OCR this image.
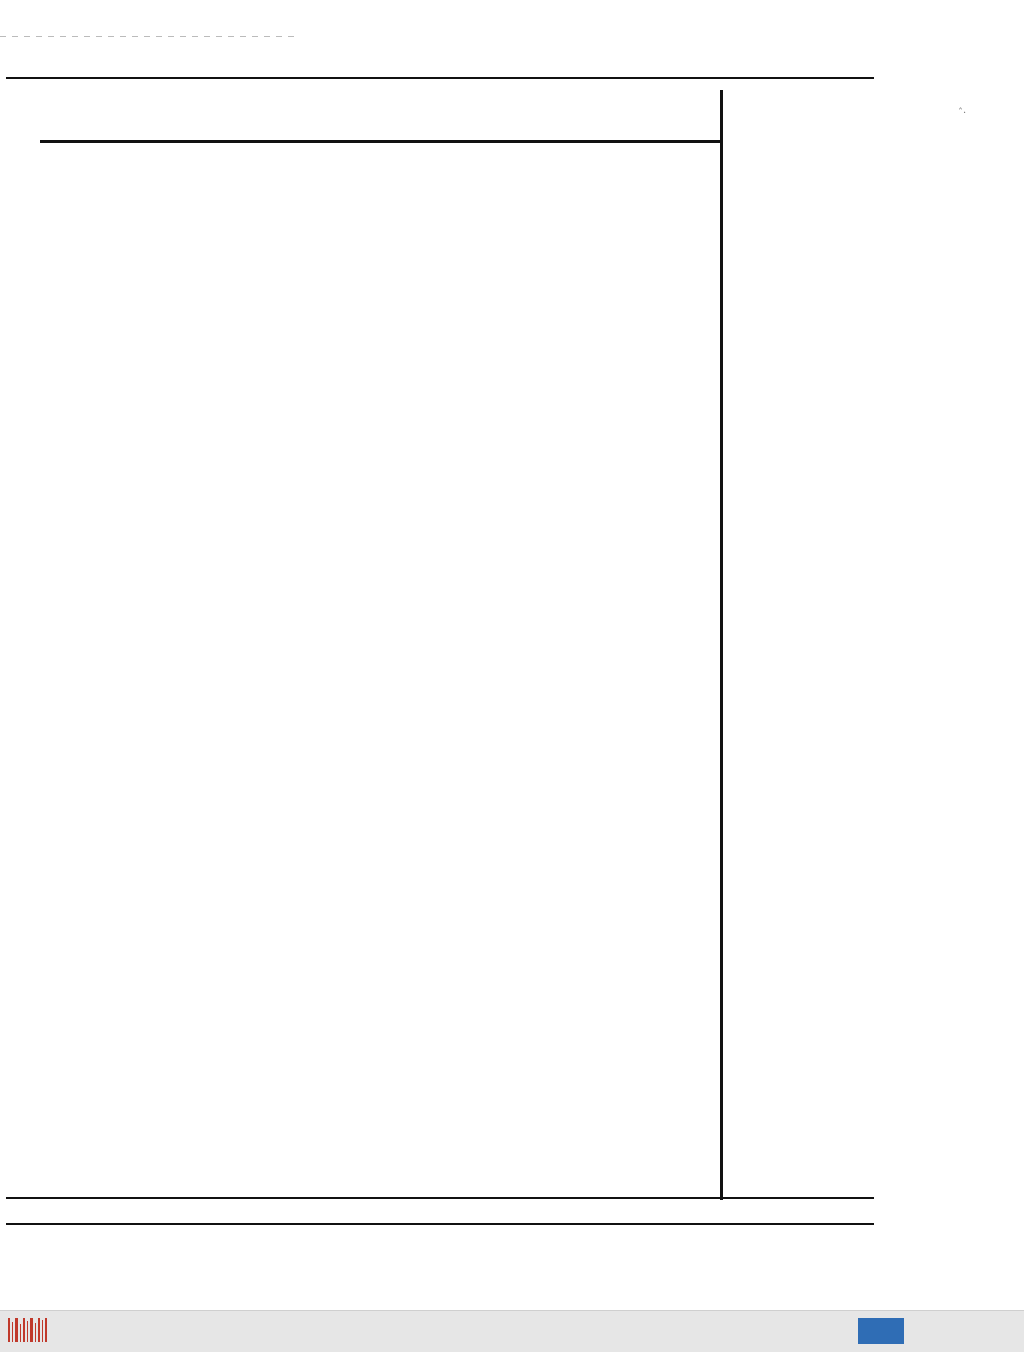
ˆ·
